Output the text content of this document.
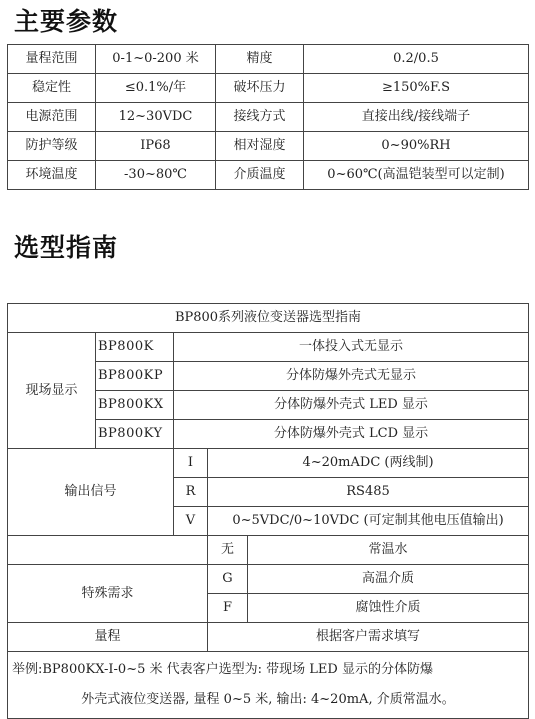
主要参数
量程范围	0-1~0-200 米	精度	0.2/0.5
稳定性	≤0.1%/年	破坏压力	≥150%F.S
电源范围	12~30VDC	接线方式	直接出线/接线端子
防护等级	IP68	相对湿度	0~90%RH
环境温度	-30~80℃	介质温度	0~60℃(高温铠装型可以定制)
选型指南
BP800系列液位变送器选型指南				
现场显示	BP800K	一体投入式无显示		
	BP800KP	分体防爆外壳式无显示		
	BP800KX	分体防爆外壳式 LED 显示		
	BP800KY	分体防爆外壳式 LCD 显示		
输出信号		I	4~20mADC (两线制)	
		R	RS485	
		V	0~5VDC/0~10VDC (可定制其他电压值输出)	
			无	常温水
特殊需求			G	高温介质
			F	腐蚀性介质
量程			根据客户需求填写	
举例:BP800KX-I-0~5 米 代表客户选型为: 带现场 LED 显示的分体防爆
外壳式液位变送器, 量程 0~5 米, 输出: 4~20mA, 介质常温水。				
